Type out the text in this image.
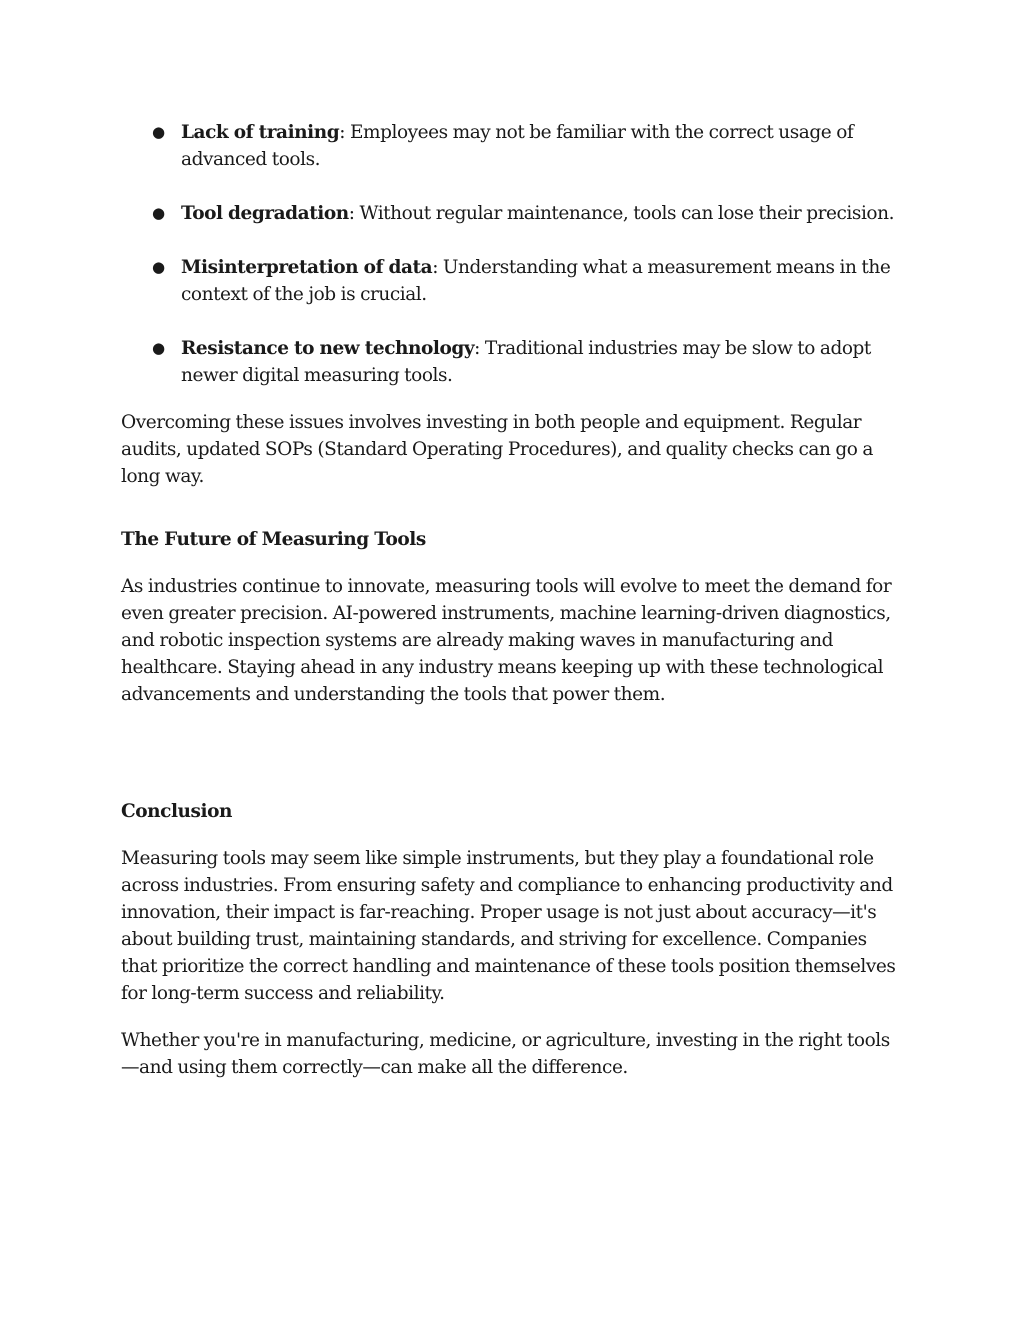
● Lack of training: Employees may not be familiar with the correct usage of advanced tools.
● Tool degradation: Without regular maintenance, tools can lose their precision.
● Misinterpretation of data: Understanding what a measurement means in the context of the job is crucial.
● Resistance to new technology: Traditional industries may be slow to adopt newer digital measuring tools.

Overcoming these issues involves investing in both people and equipment. Regular audits, updated SOPs (Standard Operating Procedures), and quality checks can go a long way.

The Future of Measuring Tools

As industries continue to innovate, measuring tools will evolve to meet the demand for even greater precision. AI-powered instruments, machine learning-driven diagnostics, and robotic inspection systems are already making waves in manufacturing and healthcare. Staying ahead in any industry means keeping up with these technological advancements and understanding the tools that power them.

Conclusion

Measuring tools may seem like simple instruments, but they play a foundational role across industries. From ensuring safety and compliance to enhancing productivity and innovation, their impact is far-reaching. Proper usage is not just about accuracy—it's about building trust, maintaining standards, and striving for excellence. Companies that prioritize the correct handling and maintenance of these tools position themselves for long-term success and reliability.

Whether you're in manufacturing, medicine, or agriculture, investing in the right tools—and using them correctly—can make all the difference.
